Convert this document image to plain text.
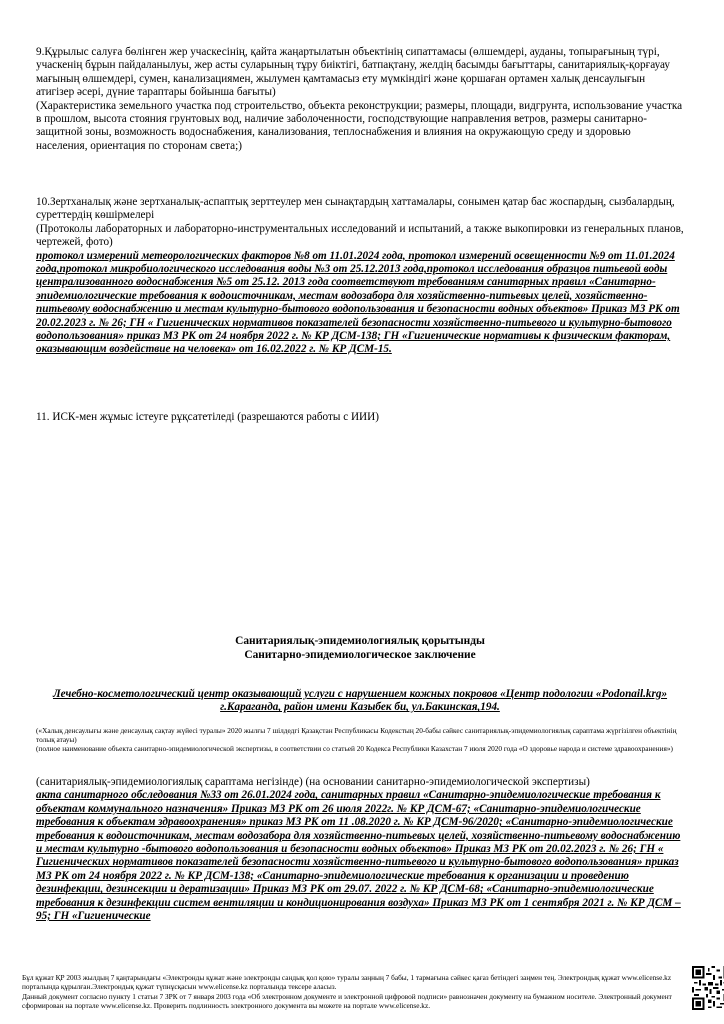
9.Құрылыс салуға бөлінген жер учаскесінің, қайта жаңартылатын объектінің сипаттамасы (өлшемдері, ауданы, топырағының түрі, учаскенің бұрын пайдаланылуы, жер асты суларының тұру биіктігі, батпақтану, желдің басымды бағыттары, санитариялық-қорғауау мағының өлшемдері, сумен, канализациямен, жылумен қамтамасыз ету мүмкіндігі және қоршаған ортамен халық денсаулығын атигізер әсері, дүние тараптары бойынша бағыты)

(Характеристика земельного участка под строительство, объекта реконструкции; размеры, площади, видгрунта, использование участка в прошлом, высота стояния грунтовых вод, наличие заболоченности, господствующие направления ветров, размеры санитарно-защитной зоны, возможность водоснабжения, канализования, теплоснабжения и влияния на окружающую среду и здоровью населения, ориентация по сторонам света;)

10.Зертханалық және зертханалық-аспаптық зерттеулер мен сынақтардың хаттамалары, сонымен қатар бас жоспардың, сызбалардың, суреттердің көшірмелері

(Протоколы лабораторных и лабораторно-инструментальных исследований и испытаний, а также выкопировки из генеральных планов, чертежей, фото)

протокол измерений метеорологических факторов №8 от 11.01.2024 года, протокол измерений освещенности №9 от 11.01.2024 года,протокол микробиологического исследования воды №3 от 25.12.2013 года,протокол исследования образцов питьевой воды централизованного водоснабжения №5 от 25.12. 2013 года соответствуют требованиям санитарных правил «Санитарно-эпидемиологические требования к водоисточникам, местам водозабора для хозяйственно-питьевых целей, хозяйственно-питьевому водоснабжению и местам культурно-бытового водопользования и безопасности водных объектов» Приказ МЗ РК от 20.02.2023 г. № 26; ГН « Гигиенических нормативов показателей безопасности хозяйственно-питьевого и культурно-бытового водопользования» приказ МЗ РК от 24 ноября 2022 г. № КР ДСМ-138; ГН «Гигиенические нормативы к физическим факторам, оказывающим воздействие на человека» от 16.02.2022 г. № КР ДСМ-15.

11. ИСК-мен жұмыс істеуге рұқсатетіледі (разрешаются работы с ИИИ)

Санитариялық-эпидемиологиялық қорытынды

Санитарно-эпидемиологическое заключение

Лечебно-косметологический центр оказывающий услуги с нарушением кожных покровов «Центр подологии «Podonail.krg» г.Караганда, район имени Казыбек би, ул.Бакинская,194.

(«Халық денсаулығы және денсаулық сақтау жүйесі туралы» 2020 жылғы 7 шілдедгі Қазақстан Республикасы Кодекстың 20-бабы сәйкес санитариялық-эпидемиологиялық сараптама жүргізілген объектінің толық атауы)

(полное наименование объекта санитарно-эпидемиологической экспертизы, в соответствии со статьей 20 Кодекса Республики Казахстан 7 июля 2020 года «О здоровье народа и системе здравоохранения»)

(санитариялық-эпидемиологиялық сараптама негізінде) (на основании санитарно-эпидемиологической экспертизы)

акта санитарного обследования №33 от 26.01.2024 года, санитарных правил «Санитарно-эпидемиологические требования к объектам коммунального назначения» Приказ МЗ РК от 26 июля 2022г. № КР ДСМ-67; «Санитарно-эпидемиологические требования к объектам здравоохранения» приказ МЗ РК от 11 .08.2020 г. № КР ДСМ-96/2020; «Санитарно-эпидемиологические требования к водоисточникам, местам водозабора для хозяйственно-питьевых целей, хозяйственно-питьевому водоснабжению и местам культурно -бытового водопользования и безопасности водных объектов» Приказ МЗ РК от 20.02.2023 г. № 26; ГН « Гигиенических нормативов показателей безопасности хозяйственно-питьевого и культурно-бытового водопользования» приказ МЗ РК от 24 ноября 2022 г. № КР ДСМ-138; «Санитарно-эпидемиологические требования к организации и проведению дезинфекции, дезинсекции и дератизации» Приказ МЗ РК от 29.07. 2022 г. № КР ДСМ-68; «Санитарно-эпидемиологические требования к дезинфекции систем вентиляции и кондиционирования воздуха» Приказ МЗ РК от 1 сентября 2021 г. № КР ДСМ – 95; ГН «Гигиенические

Бұл құжат ҚР 2003 жылдың 7 қаңтарындағы «Электронды құжат және электронды сандық қол қою» туралы заңның 7 бабы, 1 тармағына сәйкес қағаз бетіндегі заңмен тең. Электрондық құжат www.elicense.kz порталында құрылған.Электрондық құжат түпнұсқасын www.elicense.kz порталында тексере аласыз.

Данный документ согласно пункту 1 статьи 7 ЗРК от 7 января 2003 года «Об электронном документе и электронной цифровой подписи» равнозначен документу на бумажном носителе. Электронный документ сформирован на портале www.elicense.kz. Проверить подлинность электронного документа вы можете на портале www.elicense.kz.
